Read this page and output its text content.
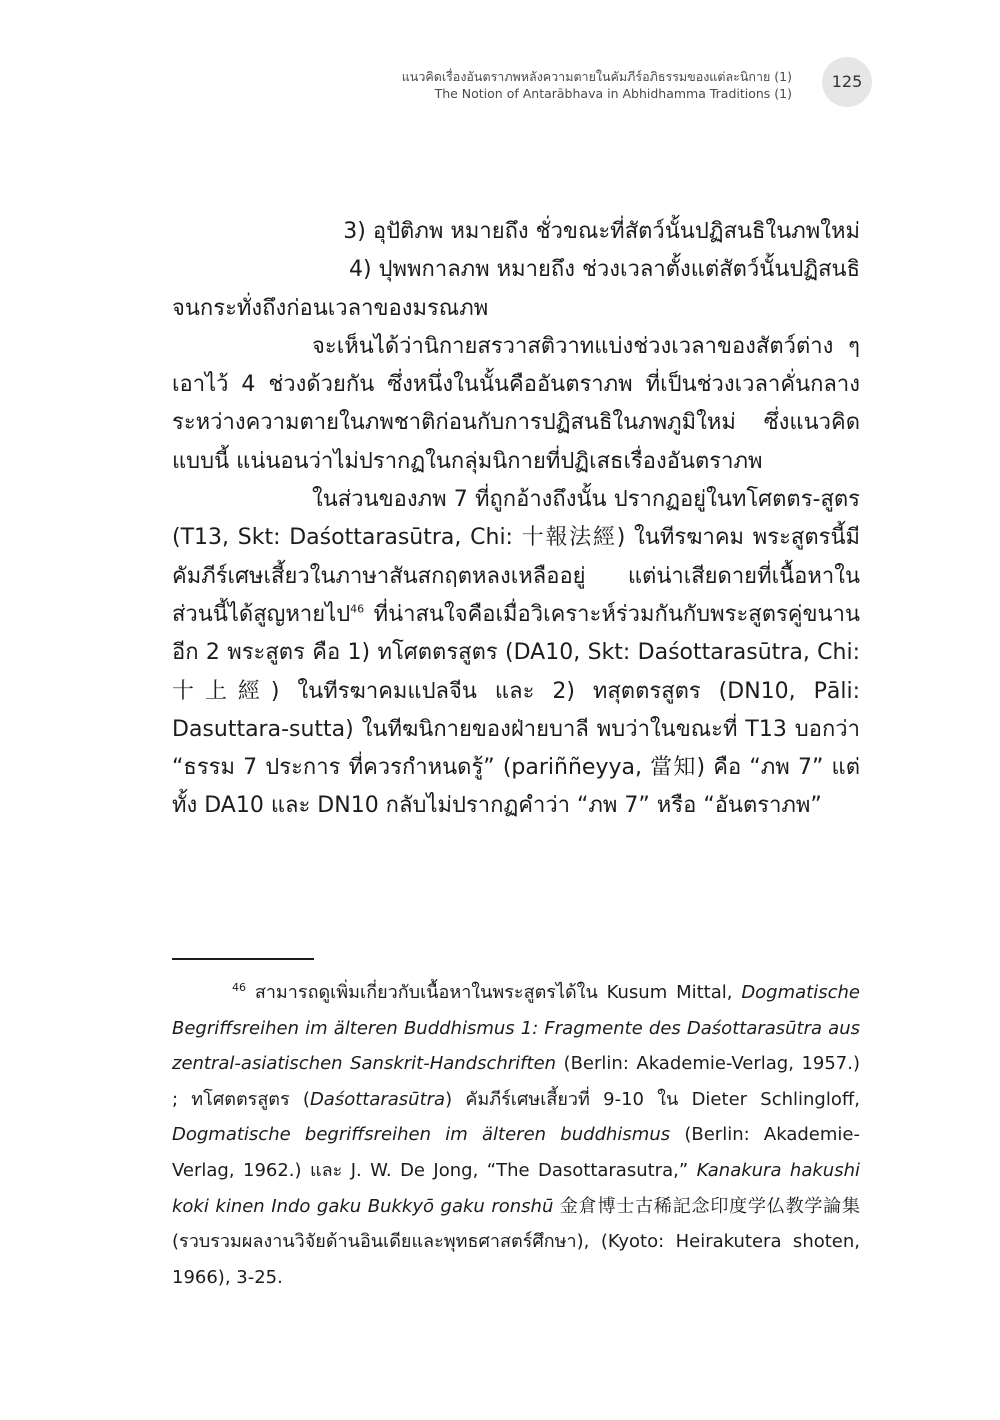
แนวคิดเรื่องอันตราภพหลังความตายในคัมภีร์อภิธรรมของแต่ละนิกาย (1)
The Notion of Antarābhava in Abhidhamma Traditions (1)
125

3) อุปัติภพ หมายถึง ชั่วขณะที่สัตว์นั้นปฏิสนธิในภพใหม่

4) ปุพพกาลภพ หมายถึง ช่วงเวลาตั้งแต่สัตว์นั้นปฏิสนธิ

จนกระทั่งถึงก่อนเวลาของมรณภพ

จะเห็นได้ว่านิกายสรวาสติวาทแบ่งช่วงเวลาของสัตว์ต่าง ๆ เอาไว้ 4 ช่วงด้วยกัน ซึ่งหนึ่งในนั้นคืออันตราภพ ที่เป็นช่วงเวลาคั่นกลางระหว่างความตายในภพชาติก่อนกับการปฏิสนธิในภพภูมิใหม่ ซึ่งแนวคิดแบบนี้ แน่นอนว่าไม่ปรากฏในกลุ่มนิกายที่ปฏิเสธเรื่องอันตราภพ

ในส่วนของภพ 7 ที่ถูกอ้างถึงนั้น ปรากฏอยู่ในทโศตตร-สูตร (T13, Skt: Daśottarasūtra, Chi: 十報法經) ในทีรฆาคม พระสูตรนี้มีคัมภีร์เศษเสี้ยวในภาษาสันสกฤตหลงเหลืออยู่ แต่น่าเสียดายที่เนื้อหาในส่วนนี้ได้สูญหายไป$^{46}$ ที่น่าสนใจคือเมื่อวิเคราะห์ร่วมกันกับพระสูตรคู่ขนานอีก 2 พระสูตร คือ 1) ทโศตตรสูตร (DA10, Skt: Daśottarasūtra, Chi: 十上經) ในทีรฆาคมแปลจีน และ 2) ทสุตตรสูตร (DN10, Pāli: Dasuttara-sutta) ในทีฆนิกายของฝ่ายบาลี พบว่าในขณะที่ T13 บอกว่า “ธรรม 7 ประการ ที่ควรกำหนดรู้” (pariññeyya, 當知) คือ “ภพ 7” แต่ทั้ง DA10 และ DN10 กลับไม่ปรากฏคำว่า “ภพ 7” หรือ “อันตราภพ”

$^{46}$ สามารถดูเพิ่มเกี่ยวกับเนื้อหาในพระสูตรได้ใน Kusum Mittal, Dogmatische Begriffsreihen im älteren Buddhismus 1: Fragmente des Daśottarasūtra aus zentral-asiatischen Sanskrit-Handschriften (Berlin: Akademie-Verlag, 1957.) ; ทโศตตรสูตร (Daśottarasūtra) คัมภีร์เศษเสี้ยวที่ 9-10 ใน Dieter Schlingloff, Dogmatische begriffsreihen im älteren buddhismus (Berlin: Akademie-Verlag, 1962.) และ J. W. De Jong, “The Dasottarasutra,” Kanakura hakushi koki kinen Indo gaku Bukkyō gaku ronshū 金倉博士古稀記念印度学仏教学論集 (รวบรวมผลงานวิจัยด้านอินเดียและพุทธศาสตร์ศึกษา), (Kyoto: Heirakutera shoten, 1966), 3-25.
